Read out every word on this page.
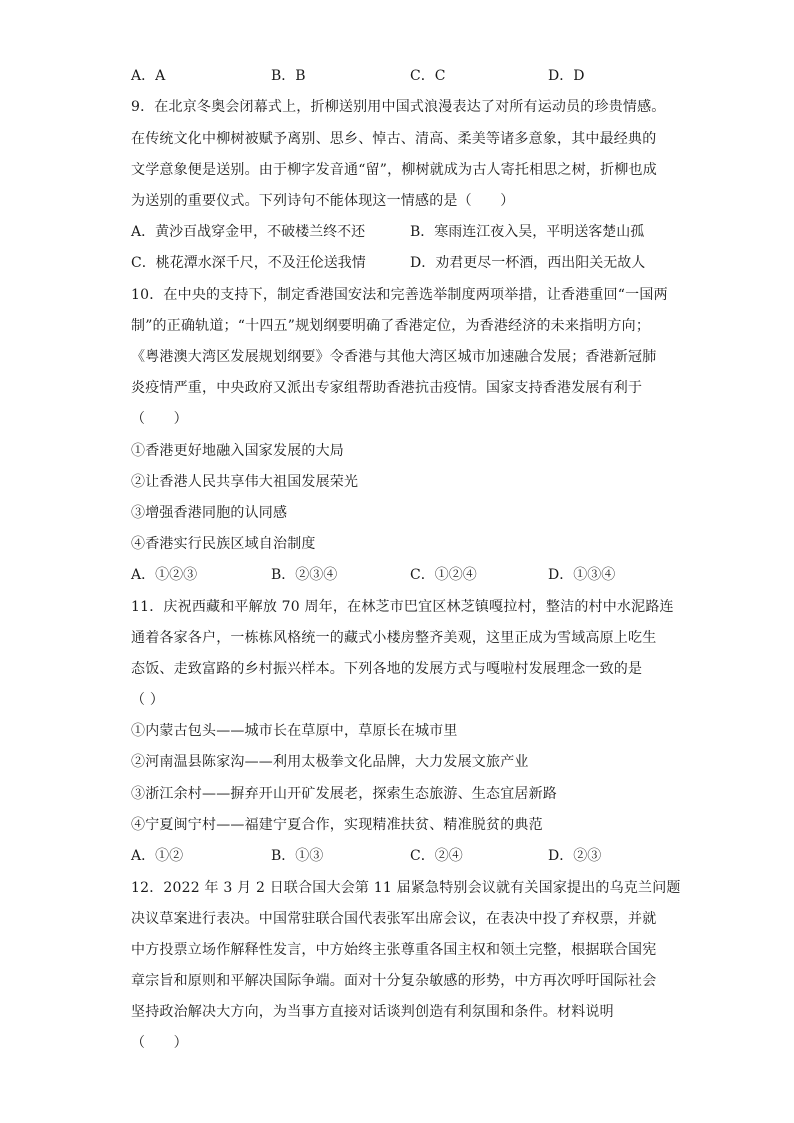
A．A	B．B	C．C	D．D
9．在北京冬奥会闭幕式上，折柳送别用中国式浪漫表达了对所有运动员的珍贵情感。
在传统文化中柳树被赋予离别、思乡、悼古、清高、柔美等诸多意象，其中最经典的
文学意象便是送别。由于柳字发音通“留”，柳树就成为古人寄托相思之树，折柳也成
为送别的重要仪式。下列诗句不能体现这一情感的是（　　）
A．黄沙百战穿金甲，不破楼兰终不还	B．寒雨连江夜入吴，平明送客楚山孤
C．桃花潭水深千尺，不及汪伦送我情	D．劝君更尽一杯酒，西出阳关无故人
10．在中央的支持下，制定香港国安法和完善选举制度两项举措，让香港重回“一国两
制”的正确轨道；“十四五”规划纲要明确了香港定位，为香港经济的未来指明方向；
《粤港澳大湾区发展规划纲要》令香港与其他大湾区城市加速融合发展；香港新冠肺
炎疫情严重，中央政府又派出专家组帮助香港抗击疫情。国家支持香港发展有利于
（　　）
①香港更好地融入国家发展的大局
②让香港人民共享伟大祖国发展荣光
③增强香港同胞的认同感
④香港实行民族区域自治制度
A．①②③	B．②③④	C．①②④	D．①③④
11．庆祝西藏和平解放 70 周年，在林芝市巴宜区林芝镇嘎拉村，整洁的村中水泥路连
通着各家各户，一栋栋风格统一的藏式小楼房整齐美观，这里正成为雪域高原上吃生
态饭、走致富路的乡村振兴样本。下列各地的发展方式与嘎啦村发展理念一致的是
（ ）
①内蒙古包头——城市长在草原中，草原长在城市里
②河南温县陈家沟——利用太极拳文化品牌，大力发展文旅产业
③浙江余村——摒弃开山开矿发展老，探索生态旅游、生态宜居新路
④宁夏闽宁村——福建宁夏合作，实现精准扶贫、精准脱贫的典范
A．①②	B．①③	C．②④	D．②③
12．2022 年 3 月 2 日联合国大会第 11 届紧急特别会议就有关国家提出的乌克兰问题
决议草案进行表决。中国常驻联合国代表张军出席会议，在表决中投了弃权票，并就
中方投票立场作解释性发言，中方始终主张尊重各国主权和领土完整，根据联合国宪
章宗旨和原则和平解决国际争端。面对十分复杂敏感的形势，中方再次呼吁国际社会
坚持政治解决大方向，为当事方直接对话谈判创造有利氛围和条件。材料说明
（　　）
